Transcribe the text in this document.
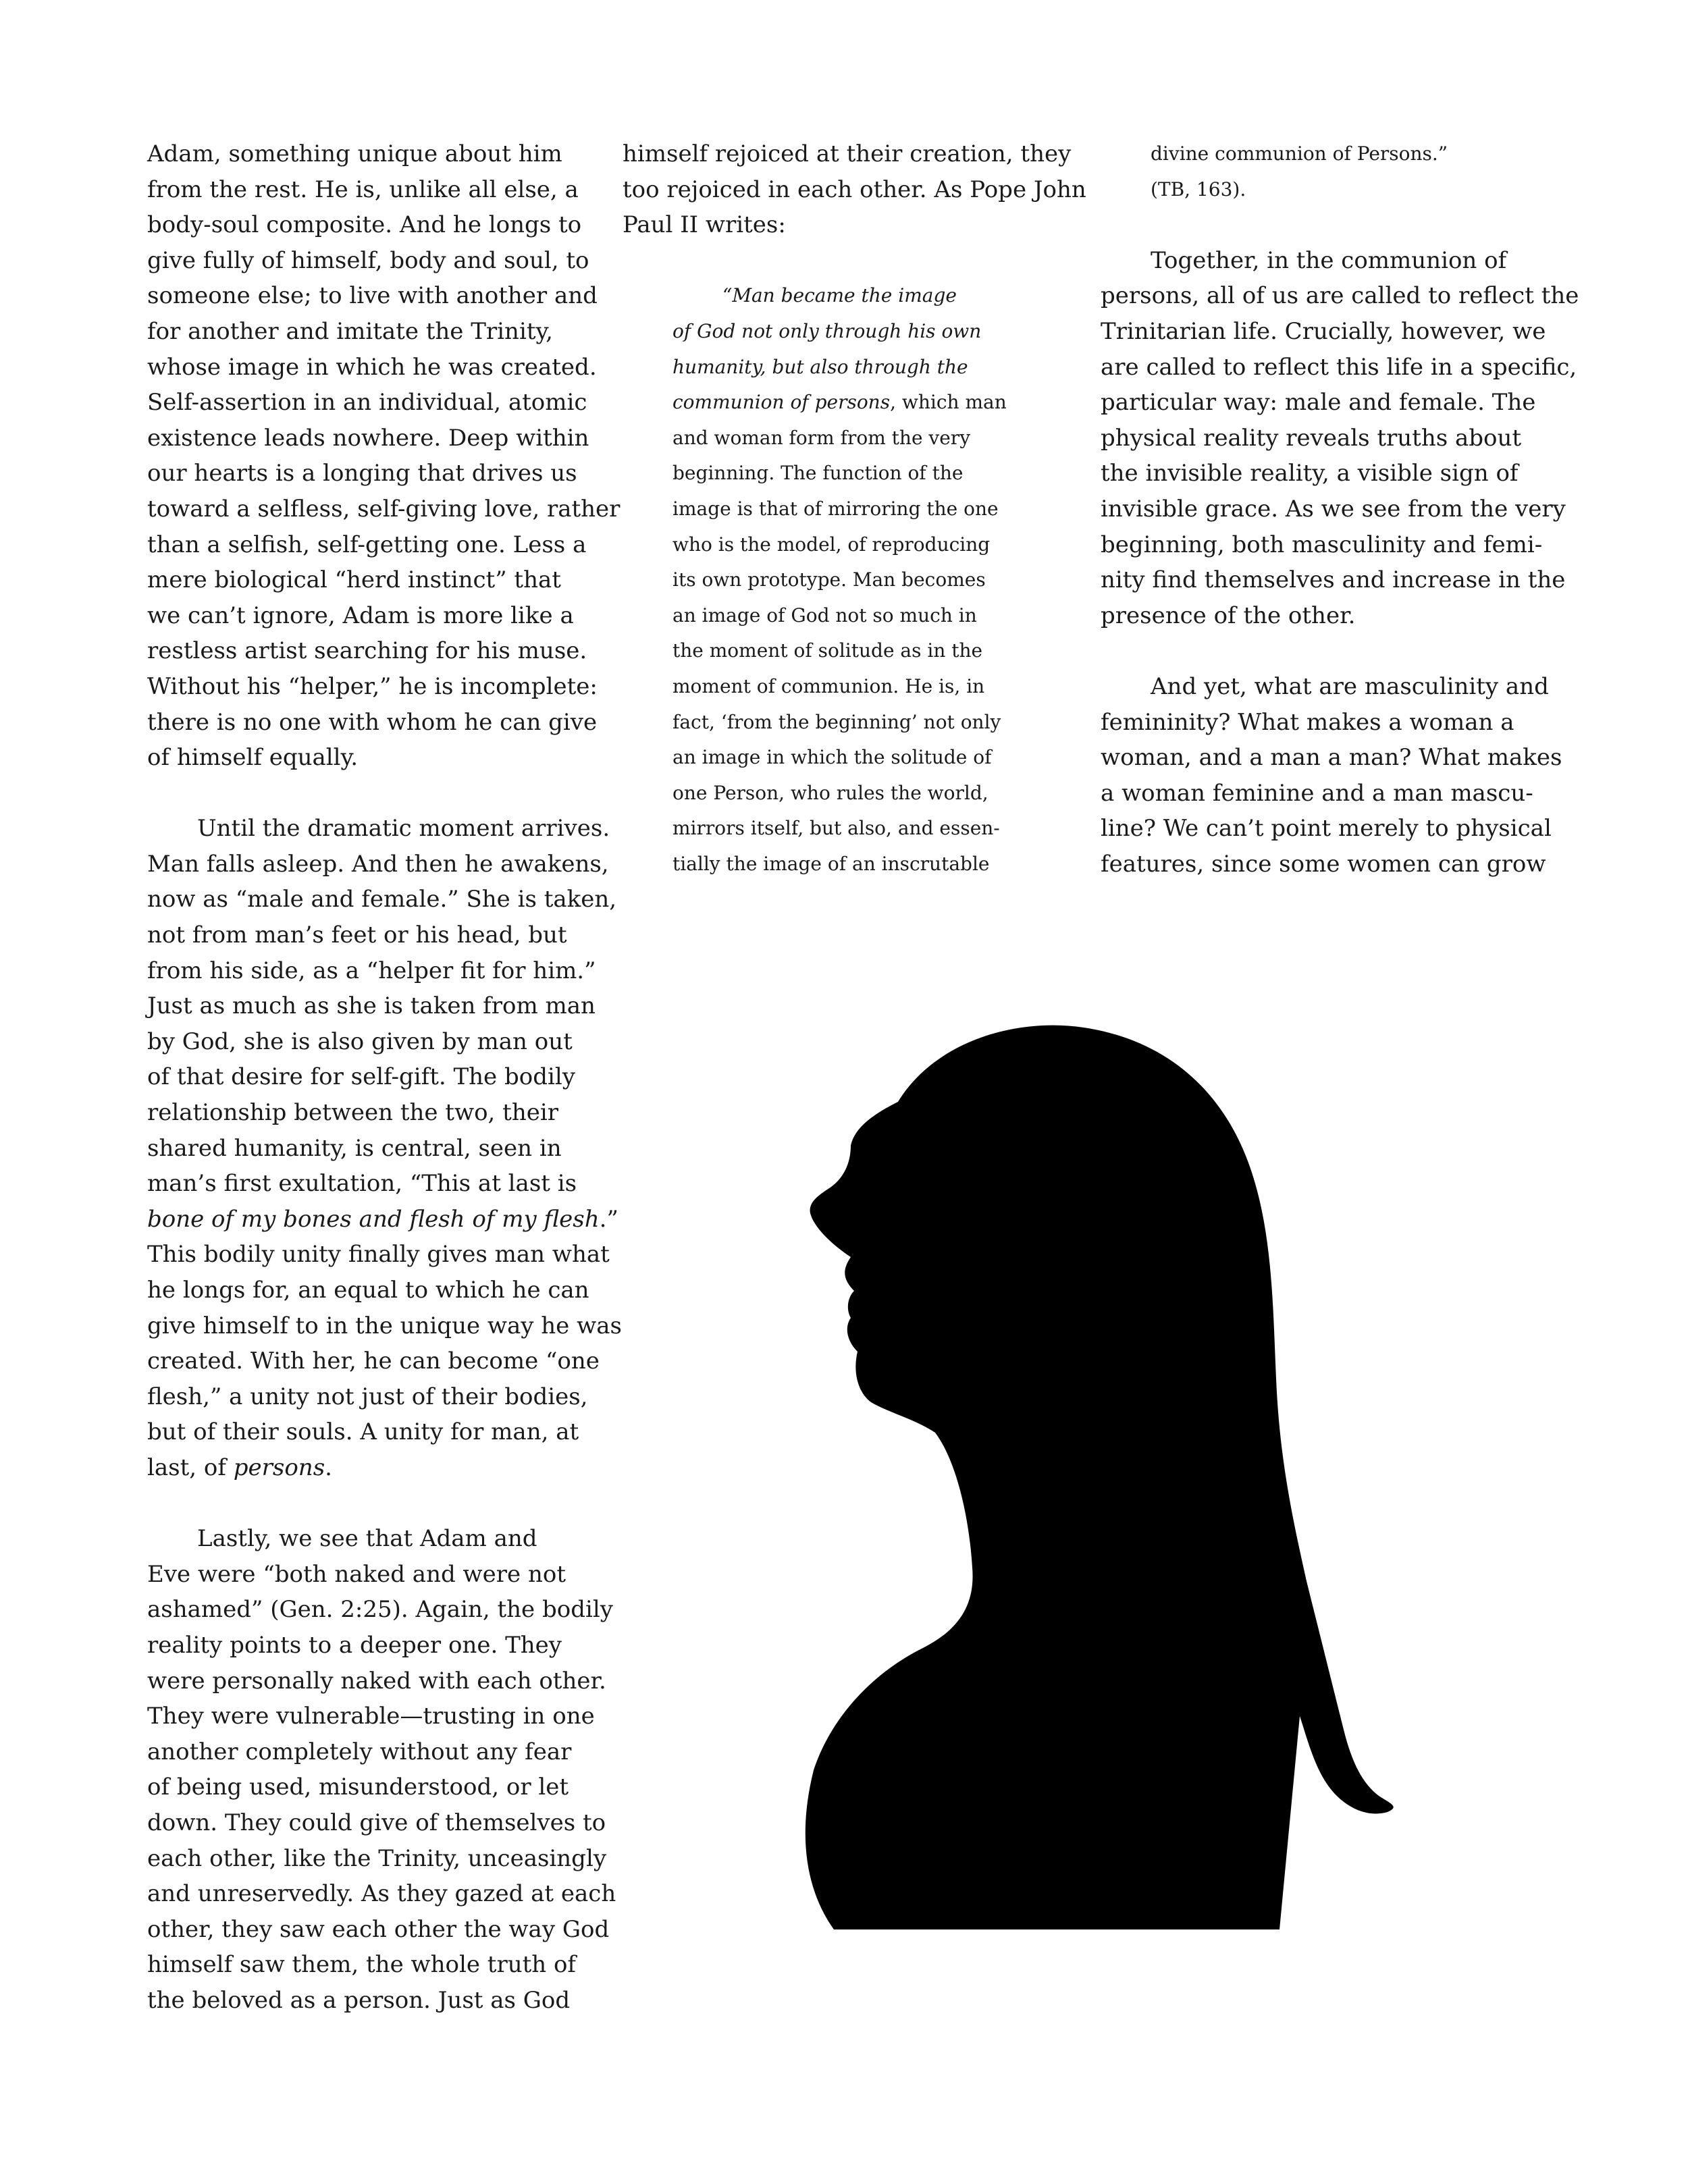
Adam, something unique about him
from the rest. He is, unlike all else, a
body-soul composite. And he longs to
give fully of himself, body and soul, to
someone else; to live with another and
for another and imitate the Trinity,
whose image in which he was created.
Self-assertion in an individual, atomic
existence leads nowhere. Deep within
our hearts is a longing that drives us
toward a selfless, self-giving love, rather
than a selfish, self-getting one. Less a
mere biological “herd instinct” that
we can’t ignore, Adam is more like a
restless artist searching for his muse.
Without his “helper,” he is incomplete:
there is no one with whom he can give
of himself equally.
Until the dramatic moment arrives.
Man falls asleep. And then he awakens,
now as “male and female.” She is taken,
not from man’s feet or his head, but
from his side, as a “helper fit for him.”
Just as much as she is taken from man
by God, she is also given by man out
of that desire for self-gift. The bodily
relationship between the two, their
shared humanity, is central, seen in
man’s first exultation, “This at last is
bone of my bones and flesh of my flesh.”
This bodily unity finally gives man what
he longs for, an equal to which he can
give himself to in the unique way he was
created. With her, he can become “one
flesh,” a unity not just of their bodies,
but of their souls. A unity for man, at
last, of persons.
Lastly, we see that Adam and
Eve were “both naked and were not
ashamed” (Gen. 2:25). Again, the bodily
reality points to a deeper one. They
were personally naked with each other.
They were vulnerable—trusting in one
another completely without any fear
of being used, misunderstood, or let
down. They could give of themselves to
each other, like the Trinity, unceasingly
and unreservedly. As they gazed at each
other, they saw each other the way God
himself saw them, the whole truth of
the beloved as a person. Just as God
himself rejoiced at their creation, they
too rejoiced in each other. As Pope John
Paul II writes:
“Man became the image
of God not only through his own
humanity, but also through the
communion of persons, which man
and woman form from the very
beginning. The function of the
image is that of mirroring the one
who is the model, of reproducing
its own prototype. Man becomes
an image of God not so much in
the moment of solitude as in the
moment of communion. He is, in
fact, ‘from the beginning’ not only
an image in which the solitude of
one Person, who rules the world,
mirrors itself, but also, and essen-
tially the image of an inscrutable
divine communion of Persons.”
(TB, 163).
Together, in the communion of
persons, all of us are called to reflect the
Trinitarian life. Crucially, however, we
are called to reflect this life in a specific,
particular way: male and female. The
physical reality reveals truths about
the invisible reality, a visible sign of
invisible grace. As we see from the very
beginning, both masculinity and femi-
nity find themselves and increase in the
presence of the other.
And yet, what are masculinity and
femininity? What makes a woman a
woman, and a man a man? What makes
a woman feminine and a man mascu-
line? We can’t point merely to physical
features, since some women can grow
